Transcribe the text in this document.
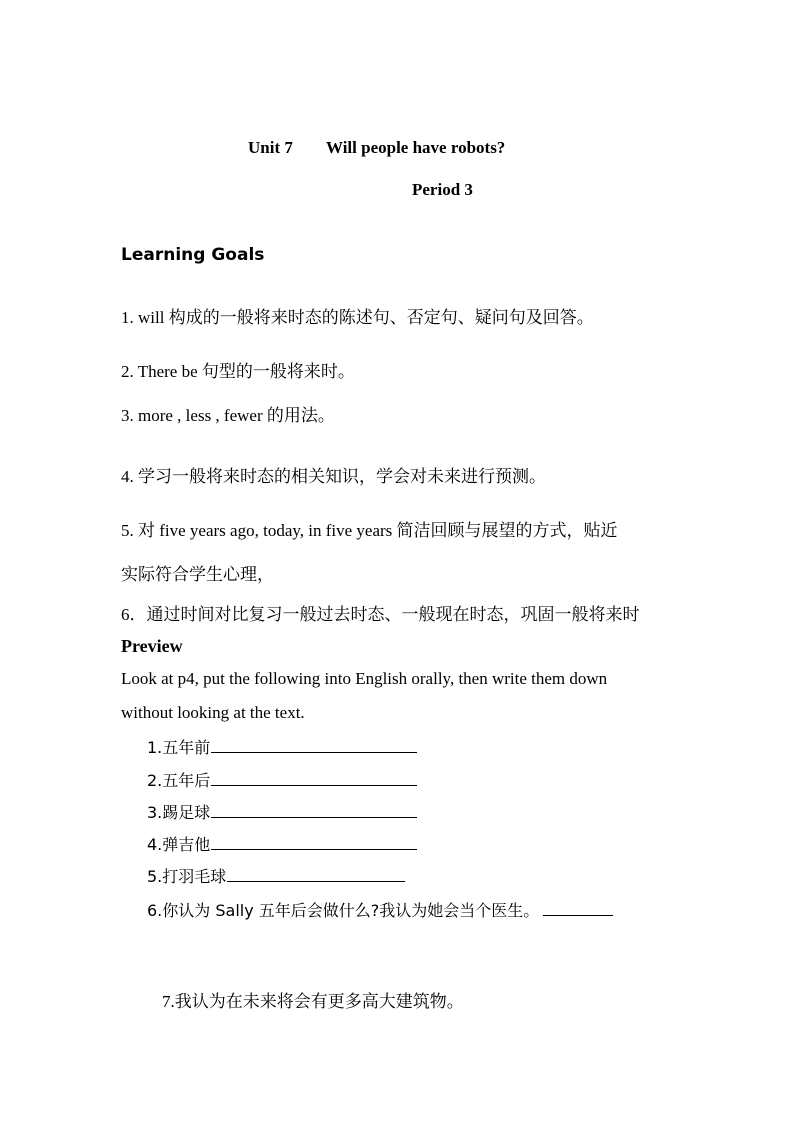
Unit 7 Will people have robots?
Period 3
Learning Goals
1. will 构成的一般将来时态的陈述句、否定句、疑问句及回答。
2. There be 句型的一般将来时。
3. more , less , fewer 的用法。
4. 学习一般将来时态的相关知识，学会对未来进行预测。
5. 对 five years ago, today, in five years 简洁回顾与展望的方式，贴近
实际符合学生心理，
6．通过时间对比复习一般过去时态、一般现在时态，巩固一般将来时
Preview
Look at p4, put the following into English orally, then write them down
without looking at the text.
1.五年前
2.五年后
3.踢足球
4.弹吉他
5.打羽毛球
6.你认为 Sally 五年后会做什么?我认为她会当个医生。
7.我认为在未来将会有更多高大建筑物。
